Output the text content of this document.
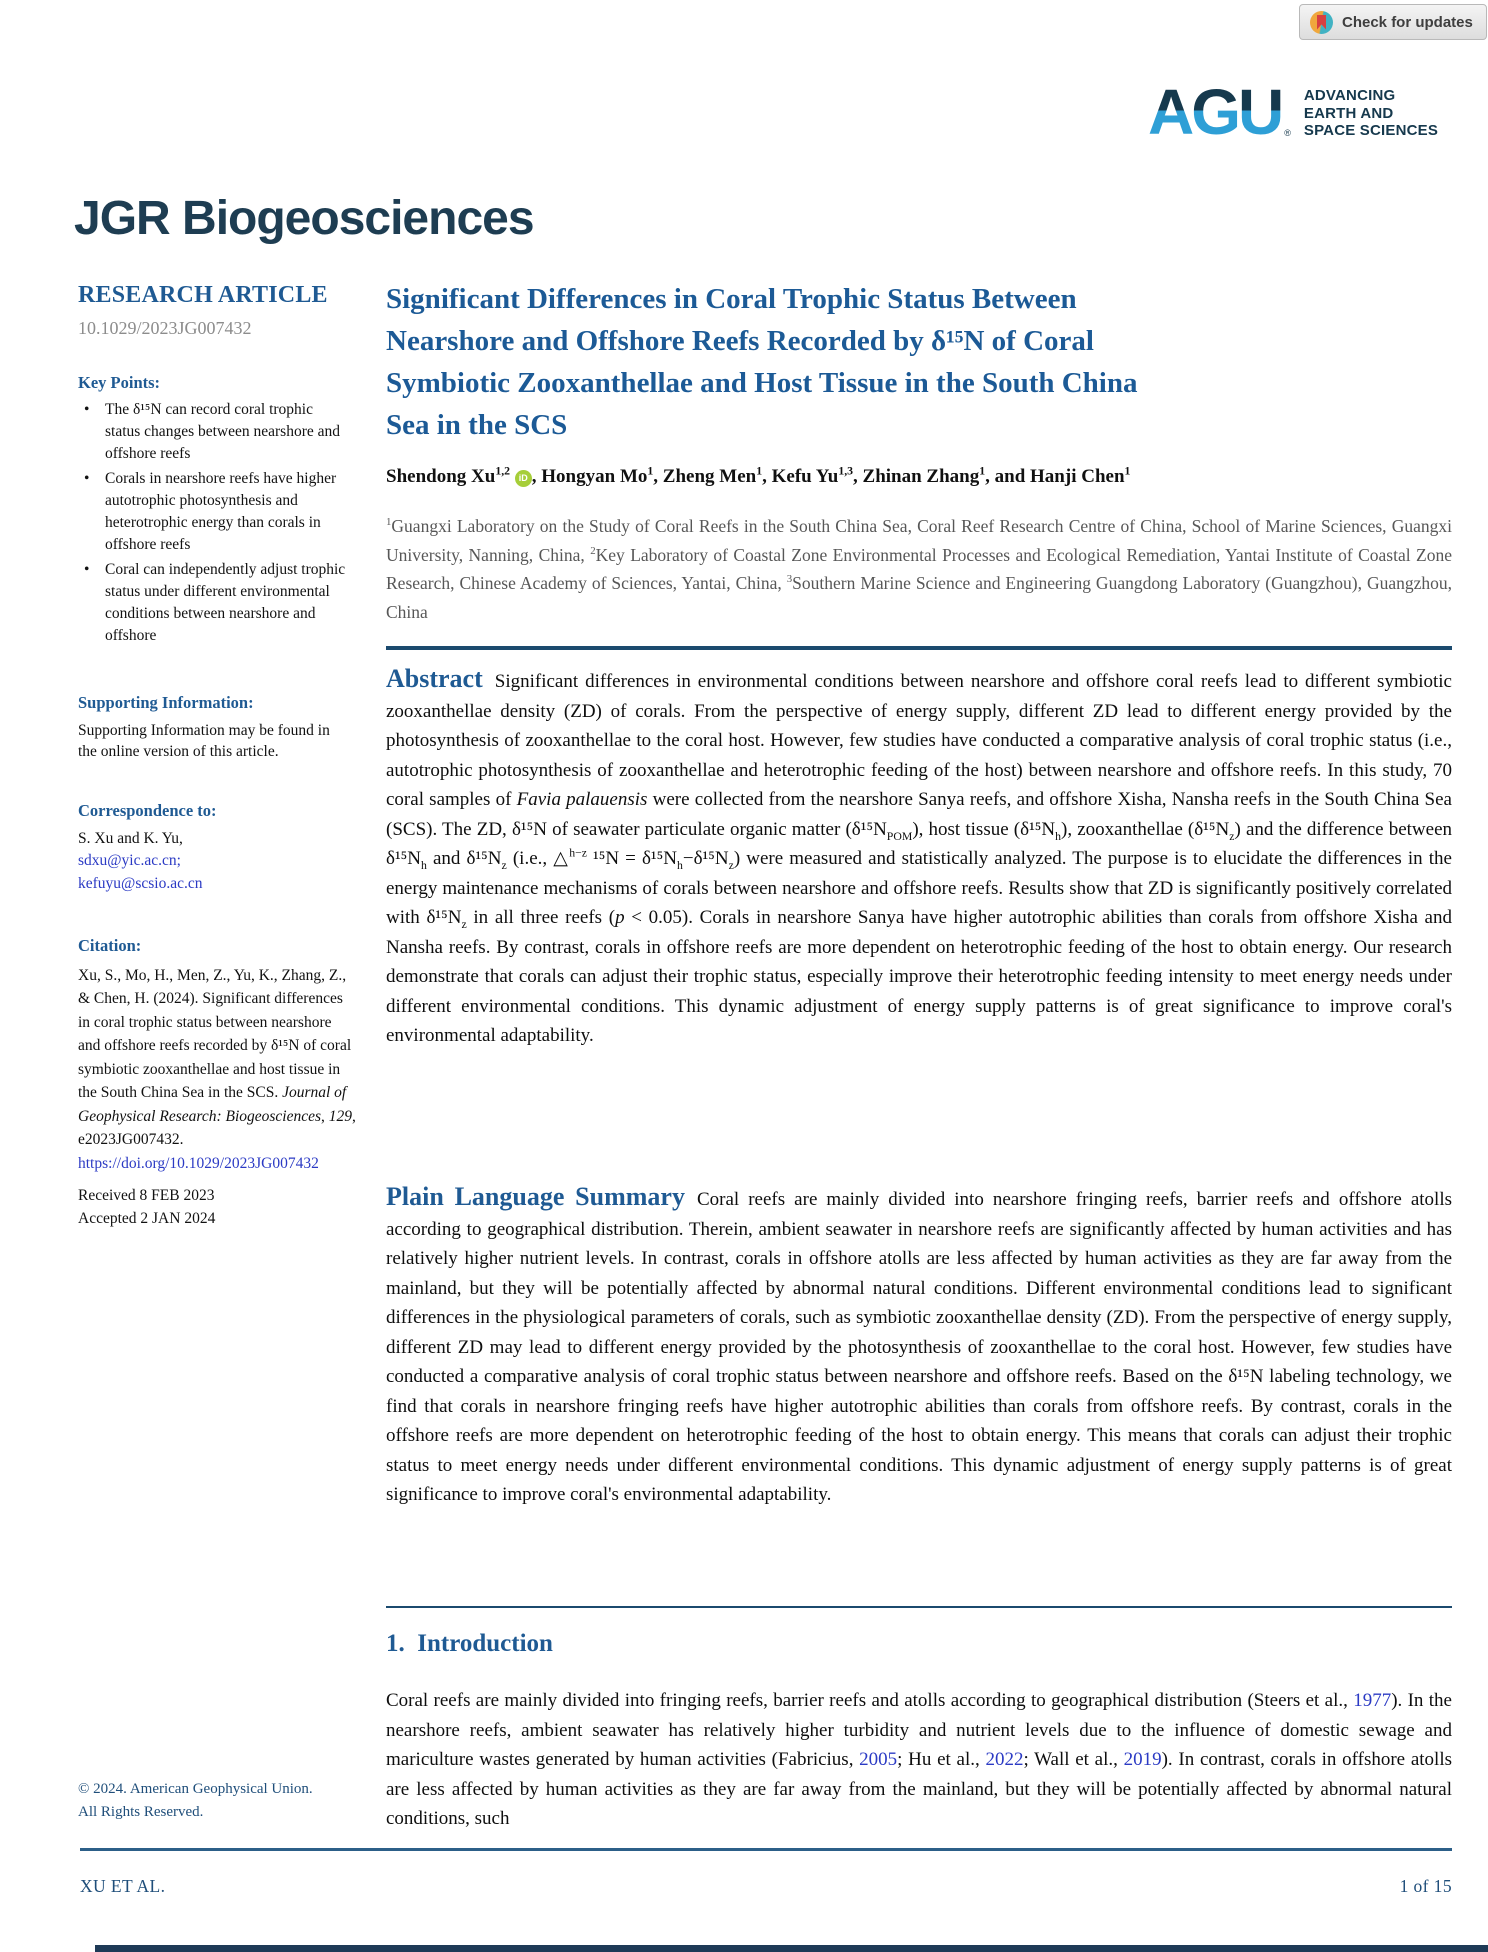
Check for updates
AGU ®
ADVANCING
EARTH AND
SPACE SCIENCES
JGR Biogeosciences
RESEARCH ARTICLE
10.1029/2023JG007432
Key Points:
• The δ¹⁵N can record coral trophic status changes between nearshore and offshore reefs
• Corals in nearshore reefs have higher autotrophic photosynthesis and heterotrophic energy than corals in offshore reefs
• Coral can independently adjust trophic status under different environmental conditions between nearshore and offshore
Supporting Information:
Supporting Information may be found in the online version of this article.
Correspondence to:
S. Xu and K. Yu,
sdxu@yic.ac.cn;
kefuyu@scsio.ac.cn
Citation:
Xu, S., Mo, H., Men, Z., Yu, K., Zhang, Z., & Chen, H. (2024). Significant differences in coral trophic status between nearshore and offshore reefs recorded by δ¹⁵N of coral symbiotic zooxanthellae and host tissue in the South China Sea in the SCS. Journal of Geophysical Research: Biogeosciences, 129, e2023JG007432. https://doi.org/10.1029/2023JG007432
Received 8 FEB 2023
Accepted 2 JAN 2024
© 2024. American Geophysical Union.
All Rights Reserved.
Significant Differences in Coral Trophic Status Between
Nearshore and Offshore Reefs Recorded by δ¹⁵N of Coral
Symbiotic Zooxanthellae and Host Tissue in the South China
Sea in the SCS
Shendong Xu$^{1,2}$ iD , Hongyan Mo$^1$, Zheng Men$^1$, Kefu Yu$^{1,3}$, Zhinan Zhang$^1$, and Hanji Chen$^1$
$^1$Guangxi Laboratory on the Study of Coral Reefs in the South China Sea, Coral Reef Research Centre of China, School of Marine Sciences, Guangxi University, Nanning, China, $^2$Key Laboratory of Coastal Zone Environmental Processes and Ecological Remediation, Yantai Institute of Coastal Zone Research, Chinese Academy of Sciences, Yantai, China, $^3$Southern Marine Science and Engineering Guangdong Laboratory (Guangzhou), Guangzhou, China

Abstract Significant differences in environmental conditions between nearshore and offshore coral reefs lead to different symbiotic zooxanthellae density (ZD) of corals. From the perspective of energy supply, different ZD lead to different energy provided by the photosynthesis of zooxanthellae to the coral host. However, few studies have conducted a comparative analysis of coral trophic status (i.e., autotrophic photosynthesis of zooxanthellae and heterotrophic feeding of the host) between nearshore and offshore reefs. In this study, 70 coral samples of Favia palauensis were collected from the nearshore Sanya reefs, and offshore Xisha, Nansha reefs in the South China Sea (SCS). The ZD, δ¹⁵N of seawater particulate organic matter $(\delta^{15}N_{POM})$, host tissue $(\delta^{15}N_h)$, zooxanthellae $(\delta^{15}N_z)$ and the difference between $\delta^{15}N_h$ and $\delta^{15}N_z$ (i.e., △$^{h-z}$ $^{15}N = \delta^{15}N_h-\delta^{15}N_z$) were measured and statistically analyzed. The purpose is to elucidate the differences in the energy maintenance mechanisms of corals between nearshore and offshore reefs. Results show that ZD is significantly positively correlated with $\delta^{15}N_z$ in all three reefs (p < 0.05). Corals in nearshore Sanya have higher autotrophic abilities than corals from offshore Xisha and Nansha reefs. By contrast, corals in offshore reefs are more dependent on heterotrophic feeding of the host to obtain energy. Our research demonstrate that corals can adjust their trophic status, especially improve their heterotrophic feeding intensity to meet energy needs under different environmental conditions. This dynamic adjustment of energy supply patterns is of great significance to improve coral's environmental adaptability.

Plain Language Summary Coral reefs are mainly divided into nearshore fringing reefs, barrier reefs and offshore atolls according to geographical distribution. Therein, ambient seawater in nearshore reefs are significantly affected by human activities and has relatively higher nutrient levels. In contrast, corals in offshore atolls are less affected by human activities as they are far away from the mainland, but they will be potentially affected by abnormal natural conditions. Different environmental conditions lead to significant differences in the physiological parameters of corals, such as symbiotic zooxanthellae density (ZD). From the perspective of energy supply, different ZD may lead to different energy provided by the photosynthesis of zooxanthellae to the coral host. However, few studies have conducted a comparative analysis of coral trophic status between nearshore and offshore reefs. Based on the δ¹⁵N labeling technology, we find that corals in nearshore fringing reefs have higher autotrophic abilities than corals from offshore reefs. By contrast, corals in the offshore reefs are more dependent on heterotrophic feeding of the host to obtain energy. This means that corals can adjust their trophic status to meet energy needs under different environmental conditions. This dynamic adjustment of energy supply patterns is of great significance to improve coral's environmental adaptability.

1. Introduction

Coral reefs are mainly divided into fringing reefs, barrier reefs and atolls according to geographical distribution (Steers et al., 1977). In the nearshore reefs, ambient seawater has relatively higher turbidity and nutrient levels due to the influence of domestic sewage and mariculture wastes generated by human activities (Fabricius, 2005; Hu et al., 2022; Wall et al., 2019). In contrast, corals in offshore atolls are less affected by human activities as they are far away from the mainland, but they will be potentially affected by abnormal natural conditions, such

XU ET AL.	1 of 15
